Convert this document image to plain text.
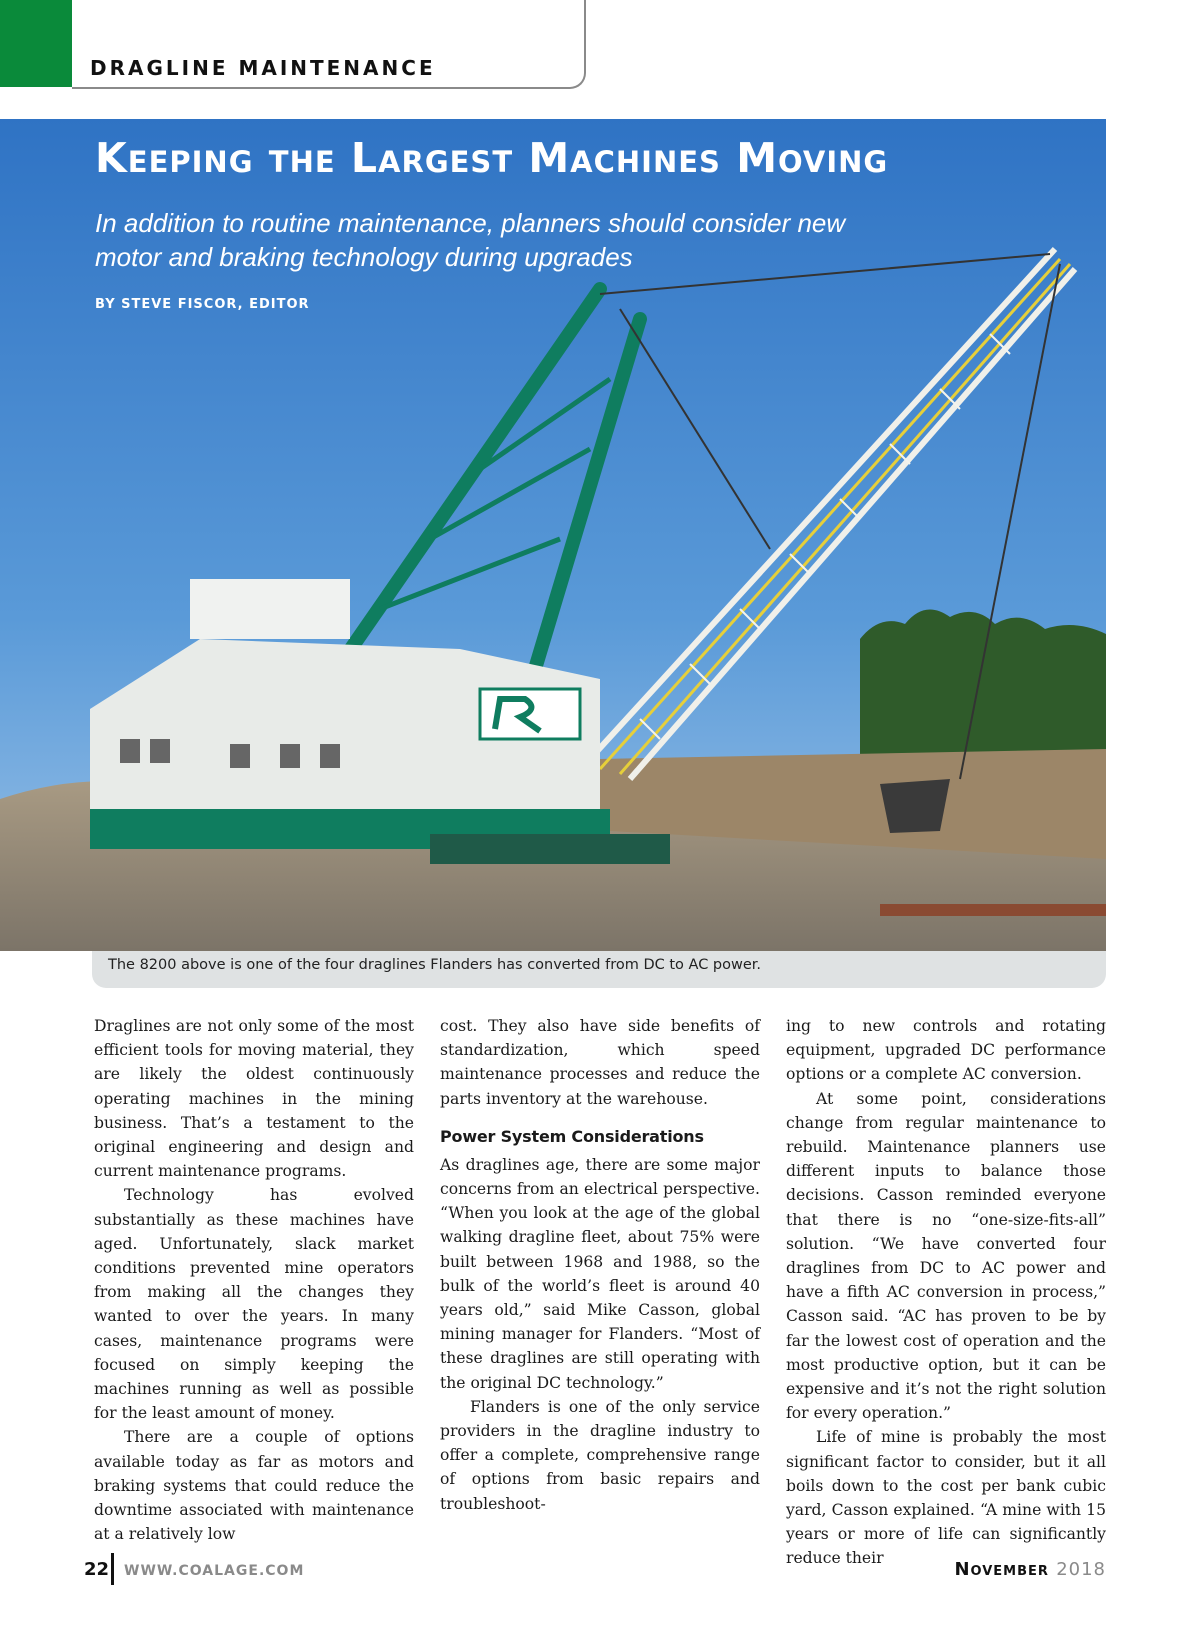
DRAGLINE MAINTENANCE
Keeping the Largest Machines Moving
In addition to routine maintenance, planners should consider new motor and braking technology during upgrades
BY STEVE FISCOR, EDITOR
The 8200 above is one of the four draglines Flanders has converted from DC to AC power.

Draglines are not only some of the most efficient tools for moving material, they are likely the oldest continuously operating machines in the mining business. That’s a testament to the original engineering and design and current maintenance programs.

Technology has evolved substantially as these machines have aged. Unfortunately, slack market conditions prevented mine operators from making all the changes they wanted to over the years. In many cases, maintenance programs were focused on simply keeping the machines running as well as possible for the least amount of money.

There are a couple of options available today as far as motors and braking systems that could reduce the downtime associated with maintenance at a relatively low

cost. They also have side benefits of standardization, which speed maintenance processes and reduce the parts inventory at the warehouse.

Power System Considerations

As draglines age, there are some major concerns from an electrical perspective. “When you look at the age of the global walking dragline fleet, about 75% were built between 1968 and 1988, so the bulk of the world’s fleet is around 40 years old,” said Mike Casson, global mining manager for Flanders. “Most of these draglines are still operating with the original DC technology.”

Flanders is one of the only service providers in the dragline industry to offer a complete, comprehensive range of options from basic repairs and troubleshoot-

ing to new controls and rotating equipment, upgraded DC performance options or a complete AC conversion.

At some point, considerations change from regular maintenance to rebuild. Maintenance planners use different inputs to balance those decisions. Casson reminded everyone that there is no “one-size-fits-all” solution. “We have converted four draglines from DC to AC power and have a fifth AC conversion in process,” Casson said. “AC has proven to be by far the lowest cost of operation and the most productive option, but it can be expensive and it’s not the right solution for every operation.”

Life of mine is probably the most significant factor to consider, but it all boils down to the cost per bank cubic yard, Casson explained. “A mine with 15 years or more of life can significantly reduce their

22 WWW.COALAGE.COM	November 2018
